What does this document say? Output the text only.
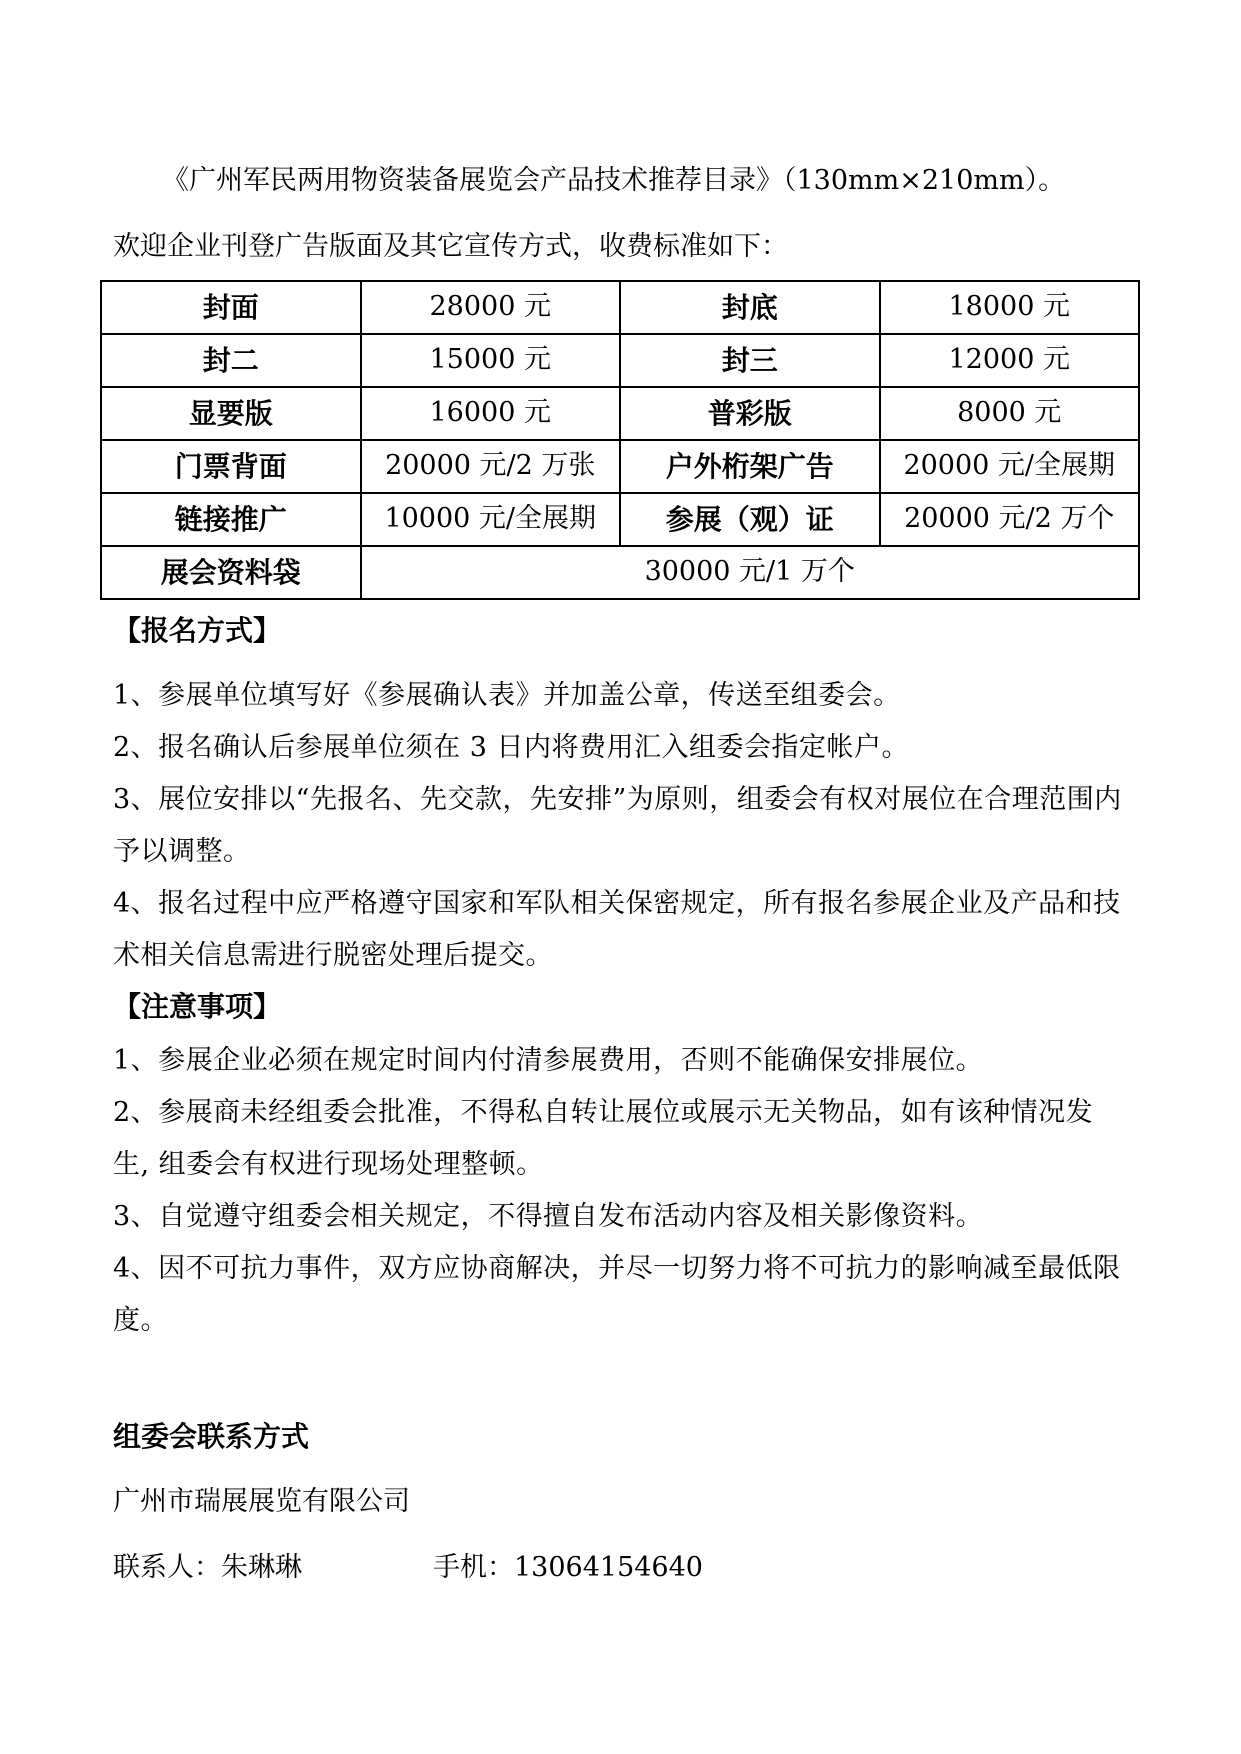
《广州军民两用物资装备展览会产品技术推荐目录》（130mm×210mm）。
欢迎企业刊登广告版面及其它宣传方式，收费标准如下：
封面	28000 元	封底	18000 元
封二	15000 元	封三	12000 元
显要版	16000 元	普彩版	8000 元
门票背面	20000 元/2 万张	户外桁架广告	20000 元/全展期
链接推广	10000 元/全展期	参展（观）证	20000 元/2 万个
展会资料袋	30000 元/1 万个		
【报名方式】
1、参展单位填写好《参展确认表》并加盖公章，传送至组委会。
2、报名确认后参展单位须在 3 日内将费用汇入组委会指定帐户。
3、展位安排以“先报名、先交款，先安排”为原则，组委会有权对展位在合理范围内予以调整。
4、报名过程中应严格遵守国家和军队相关保密规定，所有报名参展企业及产品和技术相关信息需进行脱密处理后提交。
【注意事项】
1、参展企业必须在规定时间内付清参展费用，否则不能确保安排展位。
2、参展商未经组委会批准，不得私自转让展位或展示无关物品，如有该种情况发生, 组委会有权进行现场处理整顿。
3、自觉遵守组委会相关规定，不得擅自发布活动内容及相关影像资料。
4、因不可抗力事件，双方应协商解决，并尽一切努力将不可抗力的影响减至最低限度。
组委会联系方式
广州市瑞展展览有限公司
联系人：朱琳琳	手机：13064154640
